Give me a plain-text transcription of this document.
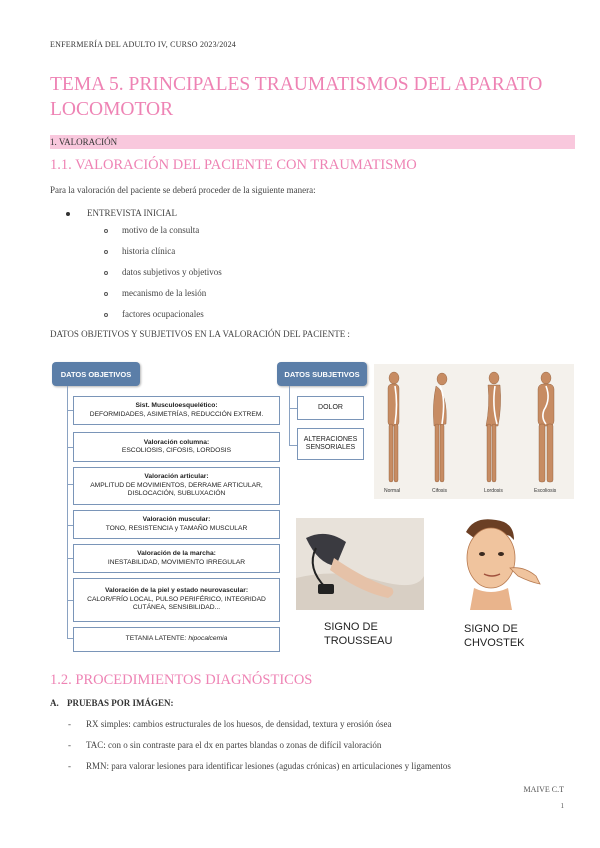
ENFERMERÍA DEL ADULTO IV, CURSO 2023/2024
TEMA 5. PRINCIPALES TRAUMATISMOS DEL APARATO
LOCOMOTOR
1. VALORACIÓN
1.1. VALORACIÓN DEL PACIENTE CON TRAUMATISMO
Para la valoración del paciente se deberá proceder de la siguiente manera:
ENTREVISTA INICIAL
motivo de la consulta
historia clínica
datos subjetivos y objetivos
mecanismo de la lesión
factores ocupacionales
DATOS OBJETIVOS Y SUBJETIVOS EN LA VALORACIÓN DEL PACIENTE :
DATOS OBJETIVOS
Sist. Musculoesquelético:
DEFORMIDADES, ASIMETRÍAS, REDUCCIÓN EXTREM.
Valoración columna:
ESCOLIOSIS, CIFOSIS, LORDOSIS
Valoración articular:
AMPLITUD DE MOVIMIENTOS, DERRAME ARTICULAR, DISLOCACIÓN, SUBLUXACIÓN
Valoración muscular:
TONO, RESISTENCIA y TAMAÑO MUSCULAR
Valoración de la marcha:
INESTABILIDAD, MOVIMIENTO IRREGULAR
Valoración de la piel y estado neurovascular:
CALOR/FRÍO LOCAL, PULSO PERIFÉRICO, INTEGRIDAD CUTÁNEA, SENSIBILIDAD...
TETANIA LATENTE: hipocalcemia
DATOS SUBJETIVOS
DOLOR
ALTERACIONES SENSORIALES
Normal	Cifosis	Lordosis	Escoliosis
SIGNO DE TROUSSEAU
SIGNO DE CHVOSTEK
1.2. PROCEDIMIENTOS DIAGNÓSTICOS
A. PRUEBAS POR IMÁGEN:
- RX simples: cambios estructurales de los huesos, de densidad, textura y erosión ósea
- TAC: con o sin contraste para el dx en partes blandas o zonas de difícil valoración
- RMN: para valorar lesiones para identificar lesiones (agudas crónicas) en articulaciones y ligamentos
MAIVE C.T
1
